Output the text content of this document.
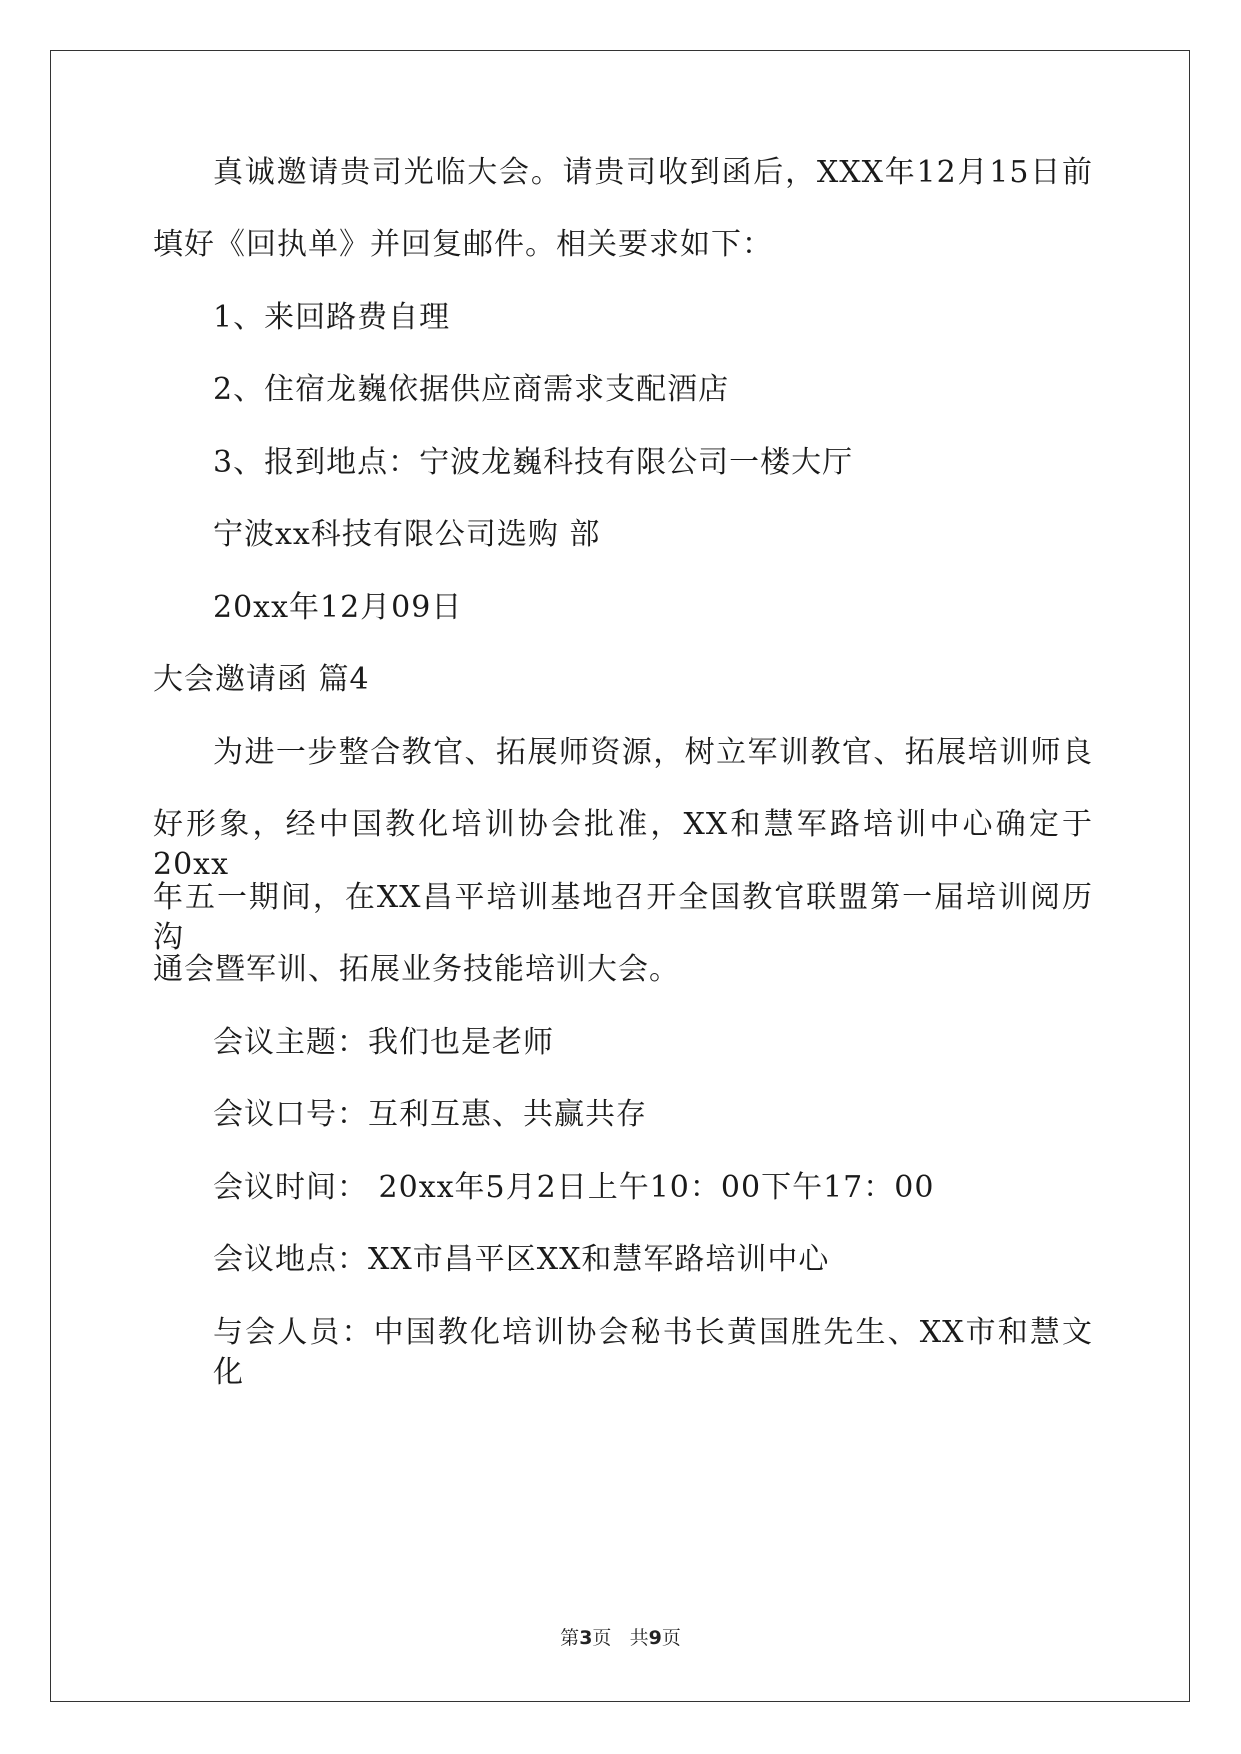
真诚邀请贵司光临大会。请贵司收到函后，XXX年12月15日前
填好《回执单》并回复邮件。相关要求如下：
1、来回路费自理
2、住宿龙巍依据供应商需求支配酒店
3、报到地点：宁波龙巍科技有限公司一楼大厅
宁波xx科技有限公司选购 部
20xx年12月09日
大会邀请函 篇4
为进一步整合教官、拓展师资源，树立军训教官、拓展培训师良
好形象，经中国教化培训协会批准，XX和慧军路培训中心确定于20xx
年五一期间，在XX昌平培训基地召开全国教官联盟第一届培训阅历沟
通会暨军训、拓展业务技能培训大会。
会议主题：我们也是老师
会议口号：互利互惠、共赢共存
会议时间： 20xx年5月2日上午10：00下午17：00
会议地点：XX市昌平区XX和慧军路培训中心
与会人员：中国教化培训协会秘书长黄国胜先生、XX市和慧文化
第3页 共9页
